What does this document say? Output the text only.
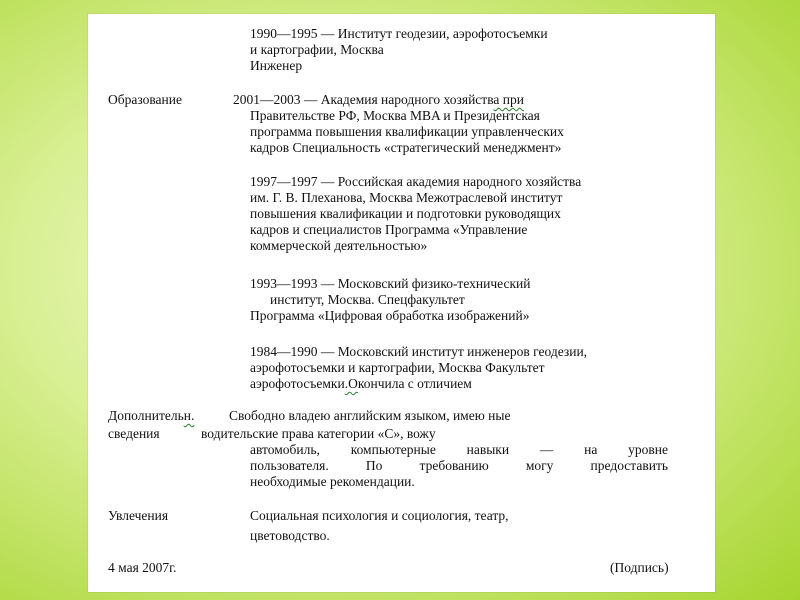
1990—1995 — Институт геодезии, аэрофотосъемки
и картографии, Москва
Инженер
Образование	2001—2003 — Академия народного хозяйства при
Правительстве РФ, Москва MBA и Президентская
программа повышения квалификации управленческих
кадров Специальность «стратегический менеджмент»
1997—1997 — Российская академия народного хозяйства
им. Г. В. Плеханова, Москва Межотраслевой институт
повышения квалификации и подготовки руководящих
кадров и специалистов Программа «Управление
коммерческой деятельностью»
1993—1993 — Московский физико-технический
институт, Москва. Спецфакультет
Программа «Цифровая обработка изображений»
1984—1990 — Московский институт инженеров геодезии,
аэрофотосъемки и картографии, Москва Факультет
аэрофотосъемки.Окончила с отличием
Дополнительн.	Свободно владею английским языком, имею ные
сведения	водительские права категории «С», вожу
автомобиль, компьютерные навыки — на уровне
пользователя. По требованию могу предоставить
необходимые рекомендации.
Увлечения	Социальная психология и социология, театр,
цветоводство.
4 мая 2007г.	(Подпись)
